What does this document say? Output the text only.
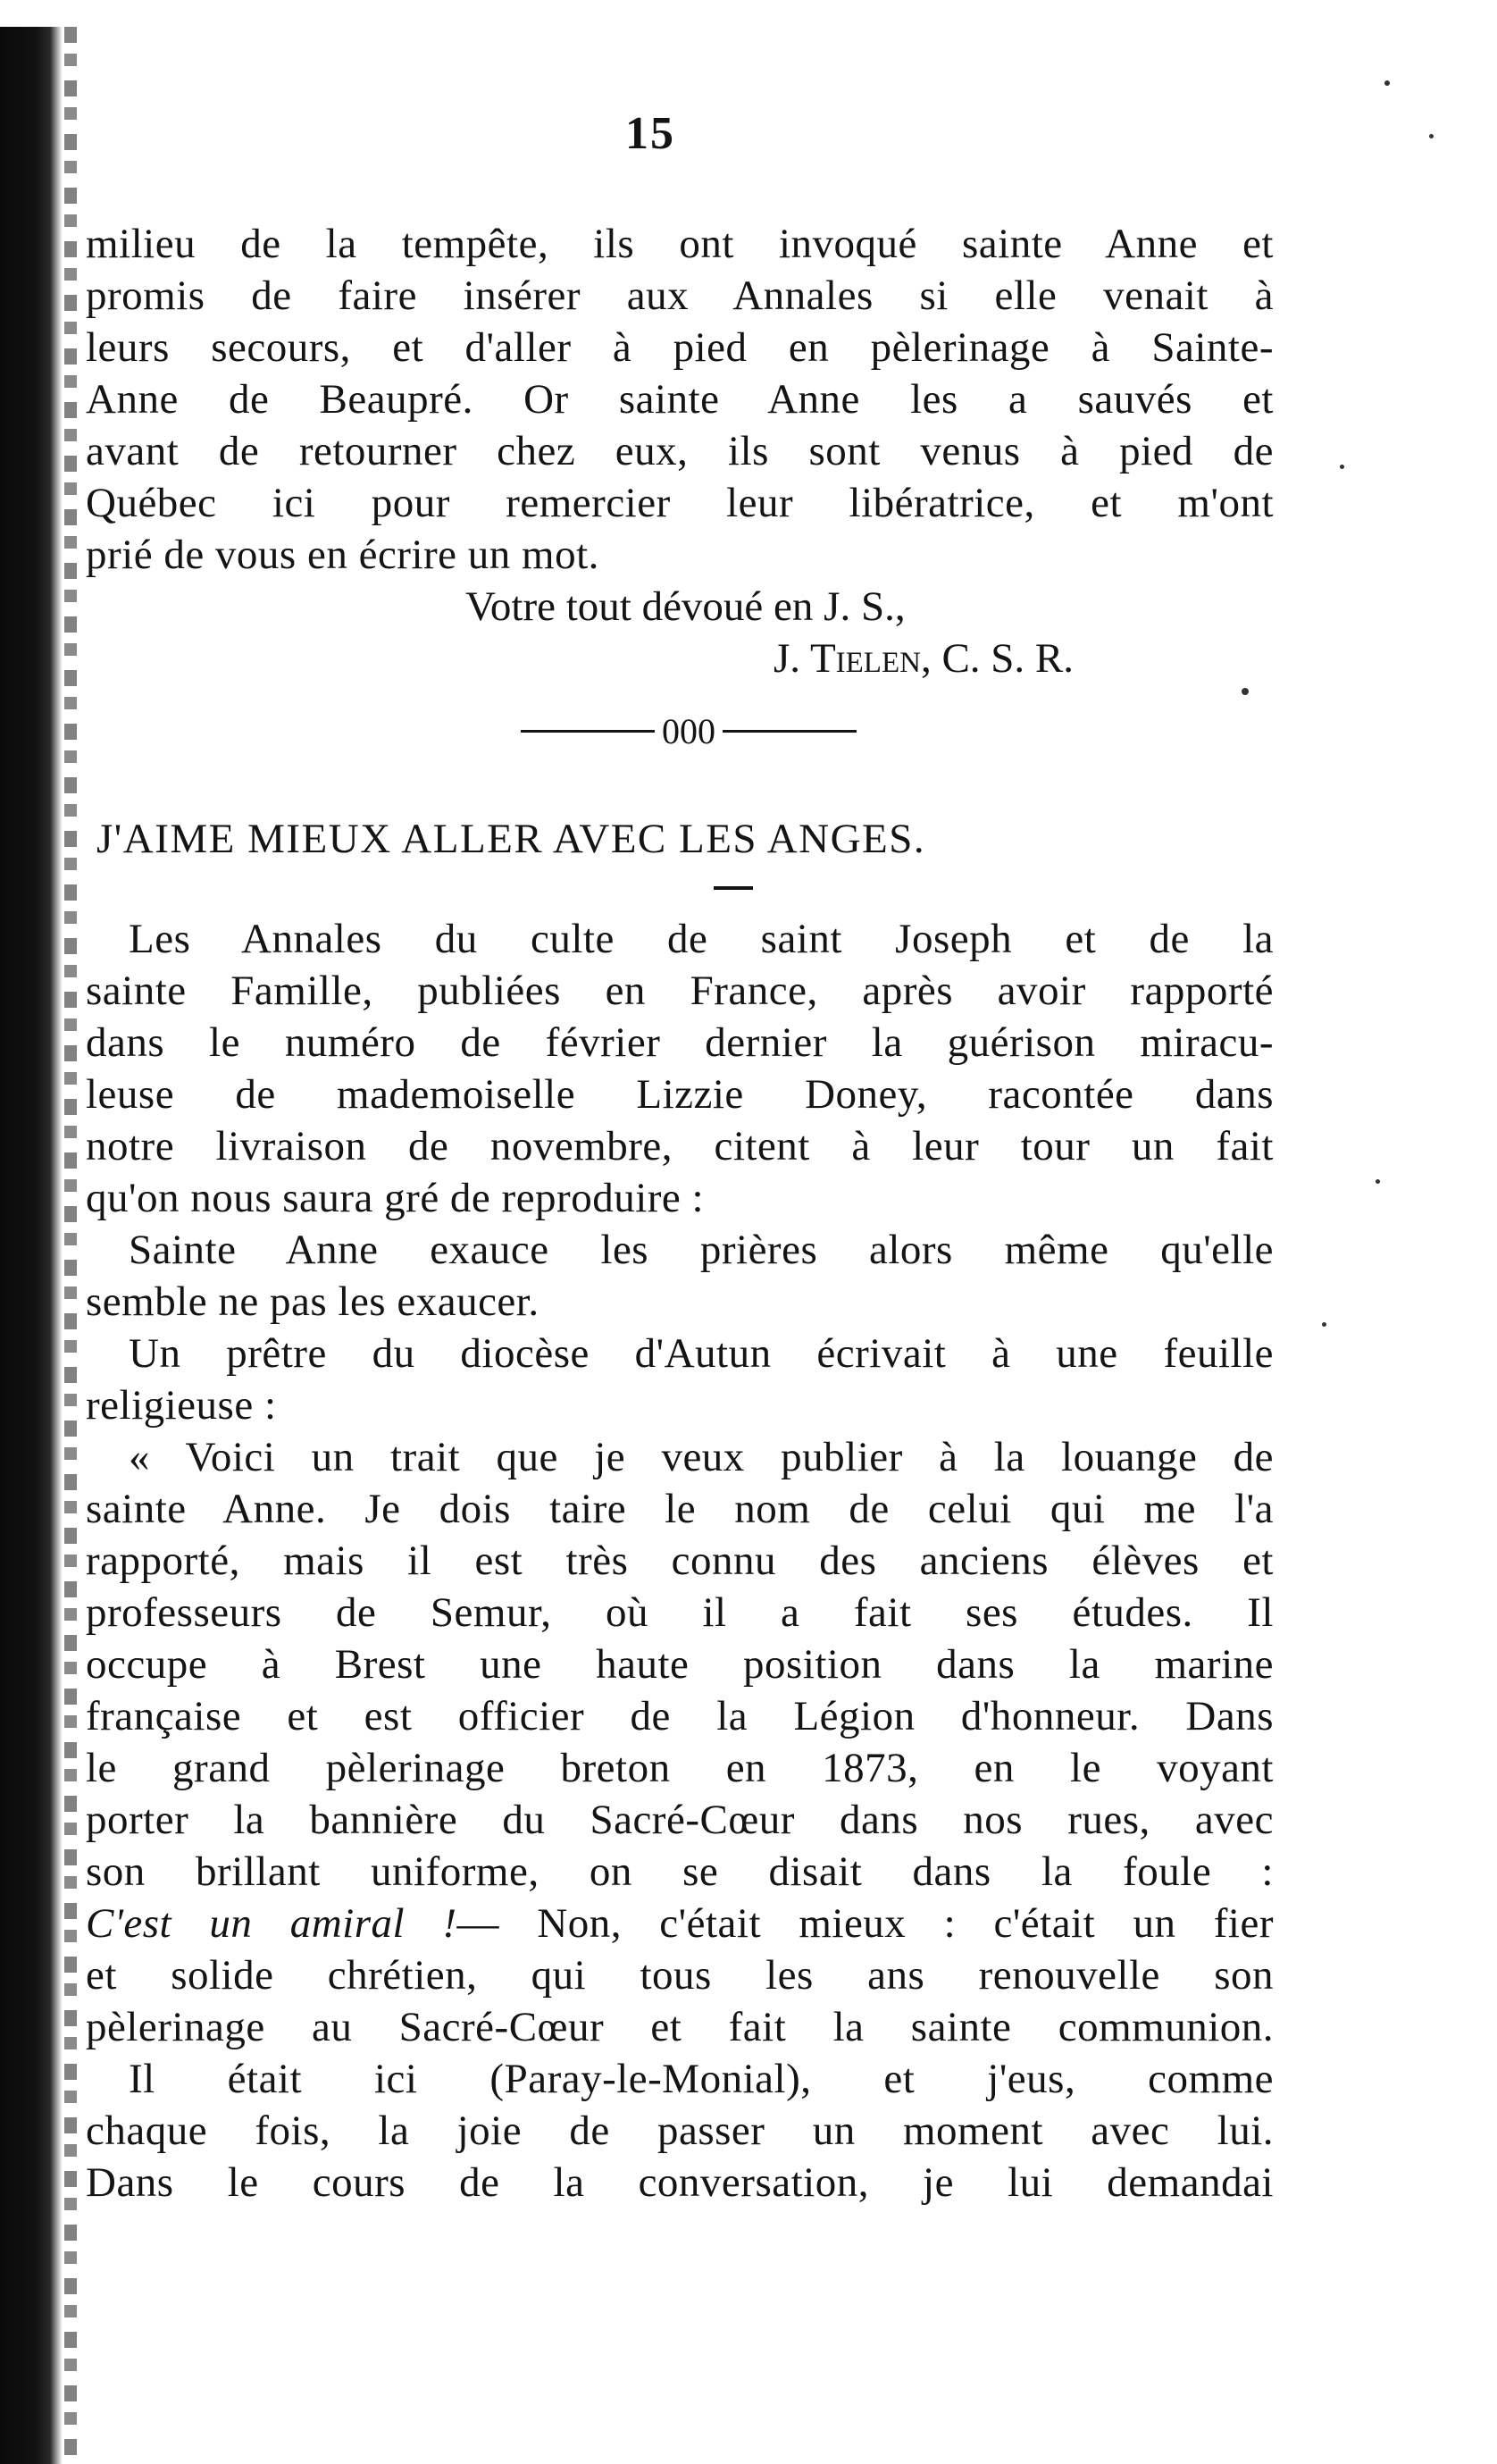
15
milieu de la tempête, ils ont invoqué sainte Anne et
promis de faire insérer aux Annales si elle venait à
leurs secours, et d'aller à pied en pèlerinage à Sainte-
Anne de Beaupré. Or sainte Anne les a sauvés et
avant de retourner chez eux, ils sont venus à pied de
Québec ici pour remercier leur libératrice, et m'ont
prié de vous en écrire un mot.
Votre tout dévoué en J. S.,
J. Tielen, C. S. R.
000
J'AIME MIEUX ALLER AVEC LES ANGES.
Les Annales du culte de saint Joseph et de la
sainte Famille, publiées en France, après avoir rapporté
dans le numéro de février dernier la guérison miracu-
leuse de mademoiselle Lizzie Doney, racontée dans
notre livraison de novembre, citent à leur tour un fait
qu'on nous saura gré de reproduire :
Sainte Anne exauce les prières alors même qu'elle
semble ne pas les exaucer.
Un prêtre du diocèse d'Autun écrivait à une feuille
religieuse :
« Voici un trait que je veux publier à la louange de
sainte Anne. Je dois taire le nom de celui qui me l'a
rapporté, mais il est très connu des anciens élèves et
professeurs de Semur, où il a fait ses études. Il
occupe à Brest une haute position dans la marine
française et est officier de la Légion d'honneur. Dans
le grand pèlerinage breton en 1873, en le voyant
porter la bannière du Sacré-Cœur dans nos rues, avec
son brillant uniforme, on se disait dans la foule :
C'est un amiral !— Non, c'était mieux : c'était un fier
et solide chrétien, qui tous les ans renouvelle son
pèlerinage au Sacré-Cœur et fait la sainte communion.
Il était ici (Paray-le-Monial), et j'eus, comme
chaque fois, la joie de passer un moment avec lui.
Dans le cours de la conversation, je lui demandai
